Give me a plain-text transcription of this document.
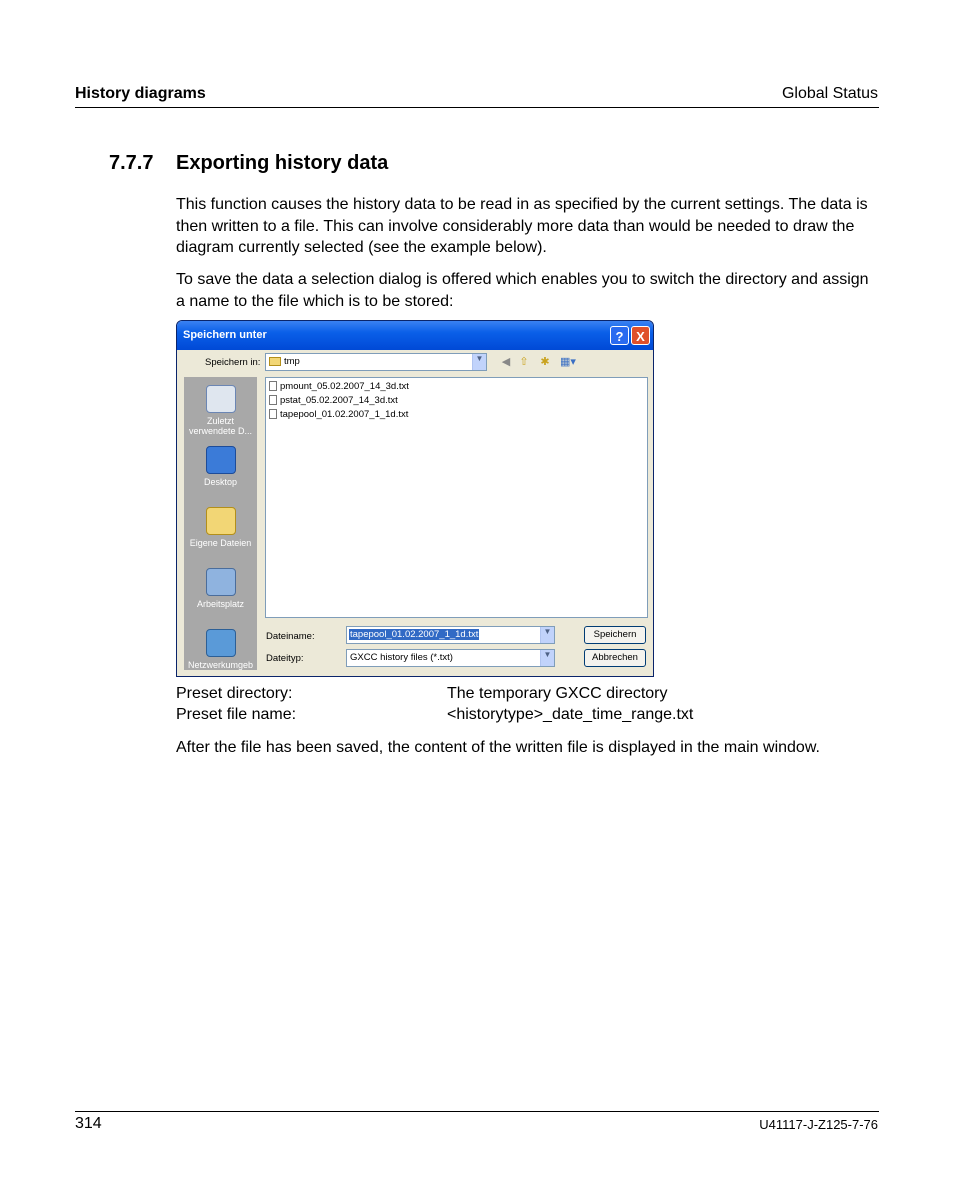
History diagrams	Global Status
7.7.7 Exporting history data
This function causes the history data to be read in as specified by the current settings. The data is then written to a file. This can involve considerably more data than would be needed to draw the diagram currently selected (see the example below).
To save the data a selection dialog is offered which enables you to switch the directory and assign a name to the file which is to be stored:
Speichern unter	? X
Speichern in:	tmp	▼ ◀ ⇧ ✱ ▦▾
Zuletzt verwendete D...
Desktop
Eigene Dateien
Arbeitsplatz
Netzwerkumgeb
pmount_05.02.2007_14_3d.txt
pstat_05.02.2007_14_3d.txt
tapepool_01.02.2007_1_1d.txt
Dateiname:	tapepool_01.02.2007_1_1d.txt	▼
Dateityp:	GXCC history files (*.txt)	▼
Speichern
Abbrechen
Preset directory:	The temporary GXCC directory
Preset file name:	<historytype>_date_time_range.txt
After the file has been saved, the content of the written file is displayed in the main window.
314	U41117-J-Z125-7-76
